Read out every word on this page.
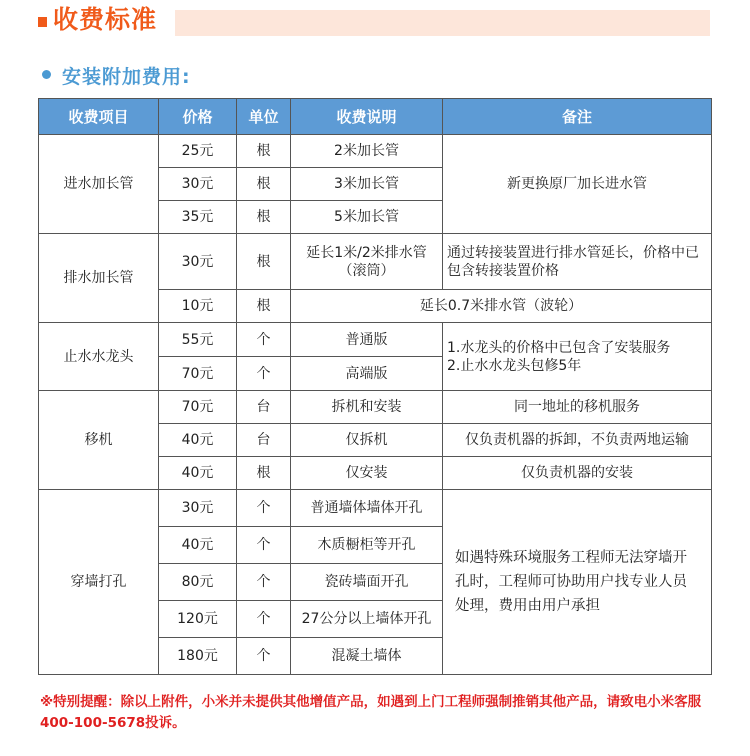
收费标准
安装附加费用:
收费项目	价格	单位	收费说明	备注
进水加长管	25元	根	2米加长管	新更换原厂加长进水管
	30元	根	3米加长管	
	35元	根	5米加长管	
排水加长管	30元	根	延长1米/2米排水管（滚筒）	通过转接装置进行排水管延长，价格中已包含转接装置价格
	10元	根	延长0.7米排水管（波轮）	
止水水龙头	55元	个	普通版	1.水龙头的价格中已包含了安装服务
2.止水水龙头包修5年

	70元	个	高端版	
移机	70元	台	拆机和安装	同一地址的移机服务
	40元	台	仅拆机	仅负责机器的拆卸，不负责两地运输
	40元	根	仅安装	仅负责机器的安装
穿墙打孔	30元	个	普通墙体墙体开孔	如遇特殊环境服务工程师无法穿墙开孔时，工程师可协助用户找专业人员处理，费用由用户承担
	40元	个	木质橱柜等开孔	
	80元	个	瓷砖墙面开孔	
	120元	个	27公分以上墙体开孔	
	180元	个	混凝土墙体	
※特别提醒：除以上附件，小米并未提供其他增值产品，如遇到上门工程师强制推销其他产品，请致电小米客服400-100-5678投诉。
